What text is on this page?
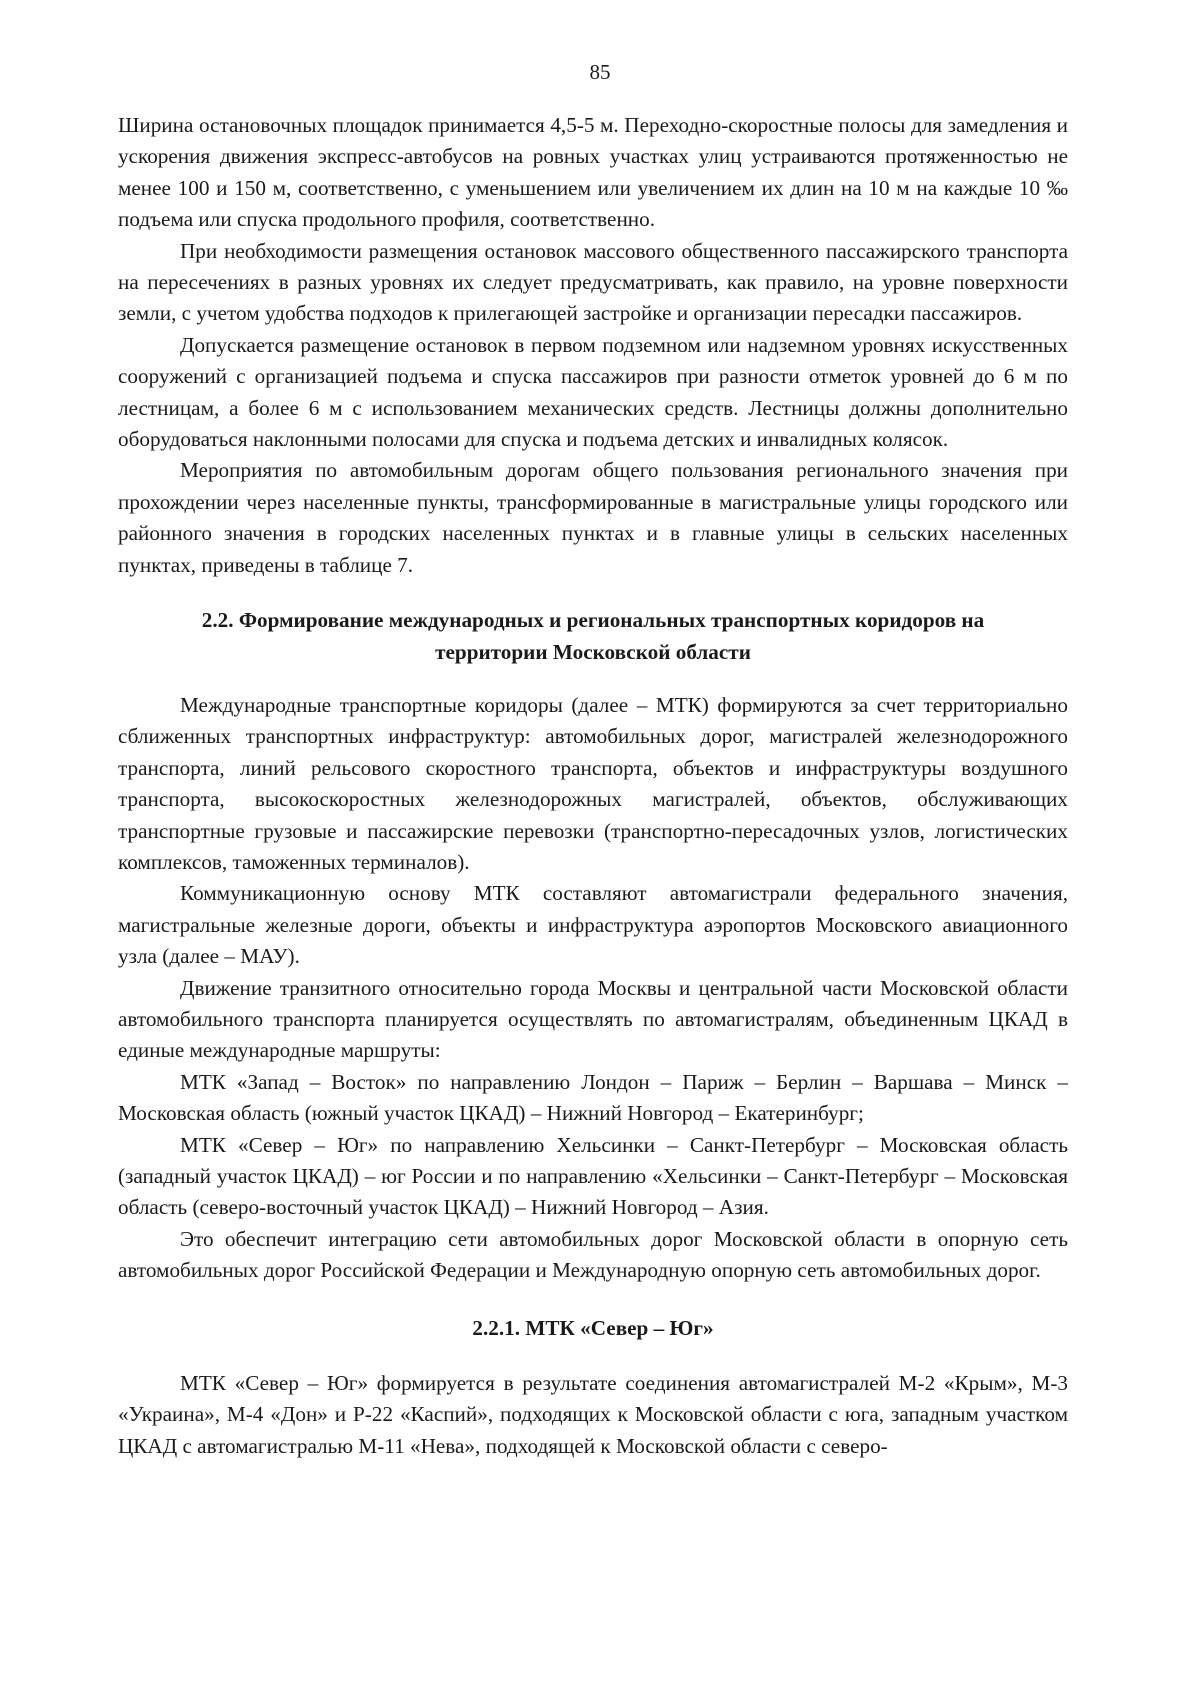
85

Ширина остановочных площадок принимается 4,5-5 м. Переходно-скоростные полосы для замедления и ускорения движения экспресс-автобусов на ровных участках улиц устраиваются протяженностью не менее 100 и 150 м, соответственно, с уменьшением или увеличением их длин на 10 м на каждые 10 ‰ подъема или спуска продольного профиля, соответственно.

При необходимости размещения остановок массового общественного пассажирского транспорта на пересечениях в разных уровнях их следует предусматривать, как правило, на уровне поверхности земли, с учетом удобства подходов к прилегающей застройке и организации пересадки пассажиров.

Допускается размещение остановок в первом подземном или надземном уровнях искусственных сооружений с организацией подъема и спуска пассажиров при разности отметок уровней до 6 м по лестницам, а более 6 м с использованием механических средств. Лестницы должны дополнительно оборудоваться наклонными полосами для спуска и подъема детских и инвалидных колясок.

Мероприятия по автомобильным дорогам общего пользования регионального значения при прохождении через населенные пункты, трансформированные в магистральные улицы городского или районного значения в городских населенных пунктах и в главные улицы в сельских населенных пунктах, приведены в таблице 7.

2.2. Формирование международных и региональных транспортных коридоров на территории Московской области

Международные транспортные коридоры (далее – МТК) формируются за счет территориально сближенных транспортных инфраструктур: автомобильных дорог, магистралей железнодорожного транспорта, линий рельсового скоростного транспорта, объектов и инфраструктуры воздушного транспорта, высокоскоростных железнодорожных магистралей, объектов, обслуживающих транспортные грузовые и пассажирские перевозки (транспортно-пересадочных узлов, логистических комплексов, таможенных терминалов).

Коммуникационную основу МТК составляют автомагистрали федерального значения, магистральные железные дороги, объекты и инфраструктура аэропортов Московского авиационного узла (далее – МАУ).

Движение транзитного относительно города Москвы и центральной части Московской области автомобильного транспорта планируется осуществлять по автомагистралям, объединенным ЦКАД в единые международные маршруты:

МТК «Запад – Восток» по направлению Лондон – Париж – Берлин – Варшава – Минск – Московская область (южный участок ЦКАД) – Нижний Новгород – Екатеринбург;

МТК «Север – Юг» по направлению Хельсинки – Санкт-Петербург – Московская область (западный участок ЦКАД) – юг России и по направлению «Хельсинки – Санкт-Петербург – Московская область (северо-восточный участок ЦКАД) – Нижний Новгород – Азия.

Это обеспечит интеграцию сети автомобильных дорог Московской области в опорную сеть автомобильных дорог Российской Федерации и Международную опорную сеть автомобильных дорог.

2.2.1. МТК «Север – Юг»

МТК «Север – Юг» формируется в результате соединения автомагистралей М-2 «Крым», М-3 «Украина», М-4 «Дон» и Р-22 «Каспий», подходящих к Московской области с юга, западным участком ЦКАД с автомагистралью М-11 «Нева», подходящей к Московской области с северо-
